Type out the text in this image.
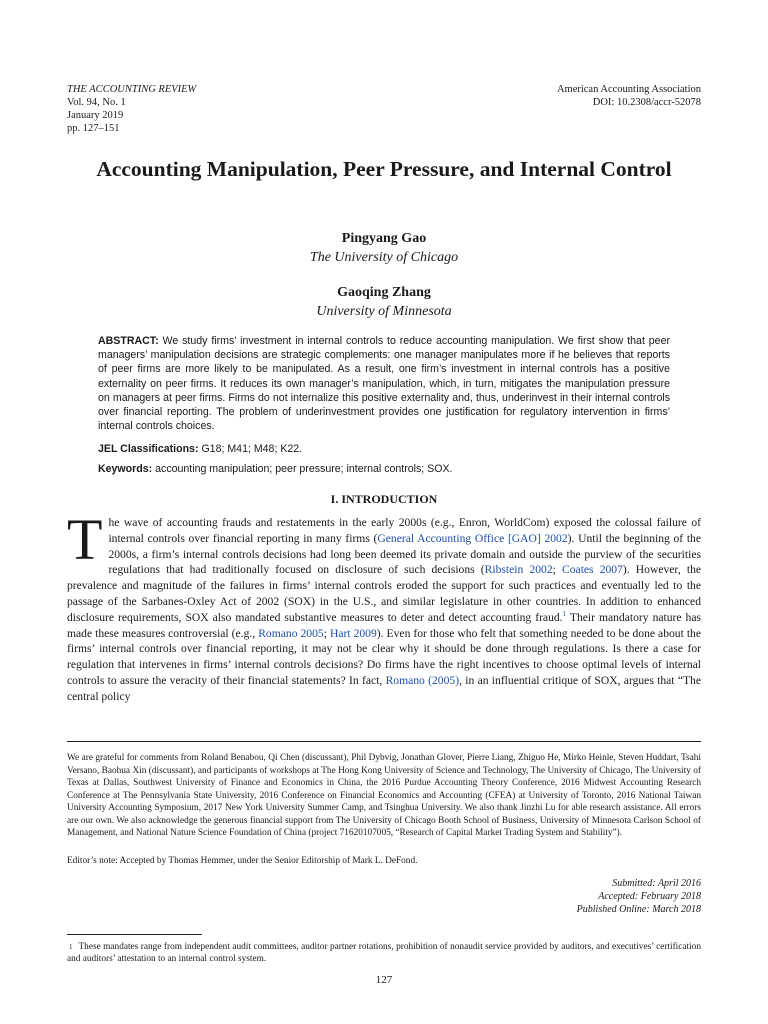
THE ACCOUNTING REVIEW
Vol. 94, No. 1
January 2019
pp. 127–151
American Accounting Association
DOI: 10.2308/accr-52078
Accounting Manipulation, Peer Pressure, and Internal Control
Pingyang Gao
The University of Chicago
Gaoqing Zhang
University of Minnesota
ABSTRACT: We study firms’ investment in internal controls to reduce accounting manipulation. We first show that peer managers’ manipulation decisions are strategic complements: one manager manipulates more if he believes that reports of peer firms are more likely to be manipulated. As a result, one firm’s investment in internal controls has a positive externality on peer firms. It reduces its own manager’s manipulation, which, in turn, mitigates the manipulation pressure on managers at peer firms. Firms do not internalize this positive externality and, thus, underinvest in their internal controls over financial reporting. The problem of underinvestment provides one justification for regulatory intervention in firms’ internal controls choices.
JEL Classifications: G18; M41; M48; K22.
Keywords: accounting manipulation; peer pressure; internal controls; SOX.
I. INTRODUCTION
The wave of accounting frauds and restatements in the early 2000s (e.g., Enron, WorldCom) exposed the colossal failure of internal controls over financial reporting in many firms (General Accounting Office [GAO] 2002). Until the beginning of the 2000s, a firm’s internal controls decisions had long been deemed its private domain and outside the purview of the securities regulations that had traditionally focused on disclosure of such decisions (Ribstein 2002; Coates 2007). However, the prevalence and magnitude of the failures in firms’ internal controls eroded the support for such practices and eventually led to the passage of the Sarbanes-Oxley Act of 2002 (SOX) in the U.S., and similar legislature in other countries. In addition to enhanced disclosure requirements, SOX also mandated substantive measures to deter and detect accounting fraud.$^1$ Their mandatory nature has made these measures controversial (e.g., Romano 2005; Hart 2009). Even for those who felt that something needed to be done about the firms’ internal controls over financial reporting, it may not be clear why it should be done through regulations. Is there a case for regulation that intervenes in firms’ internal controls decisions? Do firms have the right incentives to choose optimal levels of internal controls to assure the veracity of their financial statements? In fact, Romano (2005), in an influential critique of SOX, argues that “The central policy
We are grateful for comments from Roland Benabou, Qi Chen (discussant), Phil Dybvig, Jonathan Glover, Pierre Liang, Zhiguo He, Mirko Heinle, Steven Huddart, Tsahi Versano, Baohua Xin (discussant), and participants of workshops at The Hong Kong University of Science and Technology, The University of Chicago, The University of Texas at Dallas, Southwest University of Finance and Economics in China, the 2016 Purdue Accounting Theory Conference, 2016 Midwest Accounting Research Conference at The Pennsylvania State University, 2016 Conference on Financial Economics and Accounting (CFEA) at University of Toronto, 2016 National Taiwan University Accounting Symposium, 2017 New York University Summer Camp, and Tsinghua University. We also thank Jinzhi Lu for able research assistance. All errors are our own. We also acknowledge the generous financial support from The University of Chicago Booth School of Business, University of Minnesota Carlson School of Management, and National Nature Science Foundation of China (project 71620107005, “Research of Capital Market Trading System and Stability”).
Editor’s note: Accepted by Thomas Hemmer, under the Senior Editorship of Mark L. DeFond.
Submitted: April 2016
Accepted: February 2018
Published Online: March 2018
$^1$ These mandates range from independent audit committees, auditor partner rotations, prohibition of nonaudit service provided by auditors, and executives’ certification and auditors’ attestation to an internal control system.
127
